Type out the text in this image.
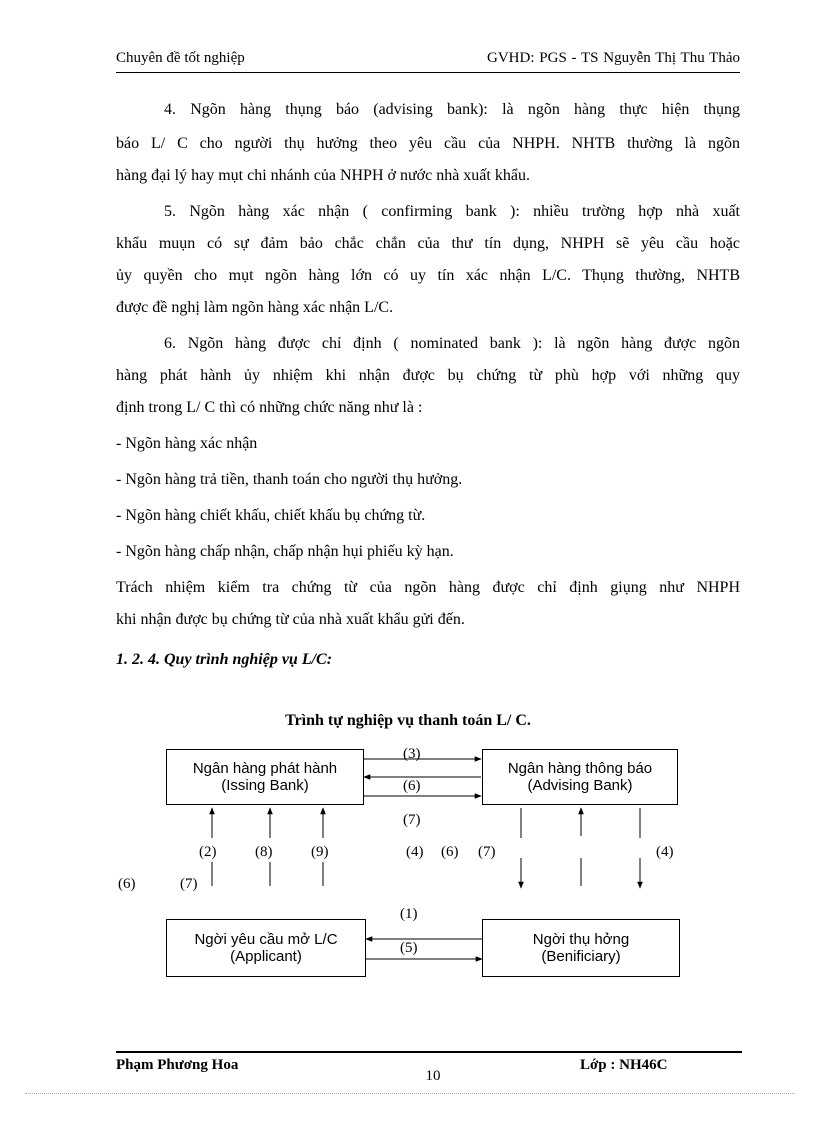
Chuyên đề tốt nghiệp	GVHD: PGS - TS Nguyễn Thị Thu Thảo
4. Ngõn hàng thụng báo (advising bank): là ngõn hàng thực hiện thụng
báo L/ C cho người thụ hưởng theo yêu cầu của NHPH. NHTB thường là ngõn
hàng đại lý hay mụt chi nhánh của NHPH ở nước nhà xuất khẩu.
5. Ngõn hàng xác nhận ( confirming bank ): nhiều trường hợp nhà xuất
khẩu muụn có sự đảm bảo chắc chắn của thư tín dụng, NHPH sẽ yêu cầu hoặc
ủy quyền cho mụt ngõn hàng lớn có uy tín xác nhận L/C. Thụng thường, NHTB
được đề nghị làm ngõn hàng xác nhận L/C.
6. Ngõn hàng được chỉ định ( nominated bank ): là ngõn hàng được ngõn
hàng phát hành ủy nhiệm khi nhận được bụ chứng từ phù hợp với những quy
định trong L/ C thì có những chức năng như là :
- Ngõn hàng xác nhận
- Ngõn hàng trả tiền, thanh toán cho người thụ hưởng.
- Ngõn hàng chiết khấu, chiết khấu bụ chứng từ.
- Ngõn hàng chấp nhận, chấp nhận hụi phiếu kỳ hạn.
Trách nhiệm kiểm tra chứng từ của ngõn hàng được chỉ định giụng như NHPH
khi nhận được bụ chứng từ của nhà xuất khẩu gửi đến.
1. 2. 4. Quy trình nghiệp vụ L/C:
Trình tự nghiệp vụ thanh toán L/ C.
Ngân hàng phát hành
(Issing Bank)
Ngân hàng thông báo
(Advising Bank)
Ngời yêu cầu mở L/C
(Applicant)
Ngời thụ hởng
(Benificiary)
(3)
(6)
(7)
(2)	(8)	(9)	(4) (6) (7)	(4)
(6)	(7)
(1)
(5)
Phạm Phương Hoa
10
Lớp : NH46C
